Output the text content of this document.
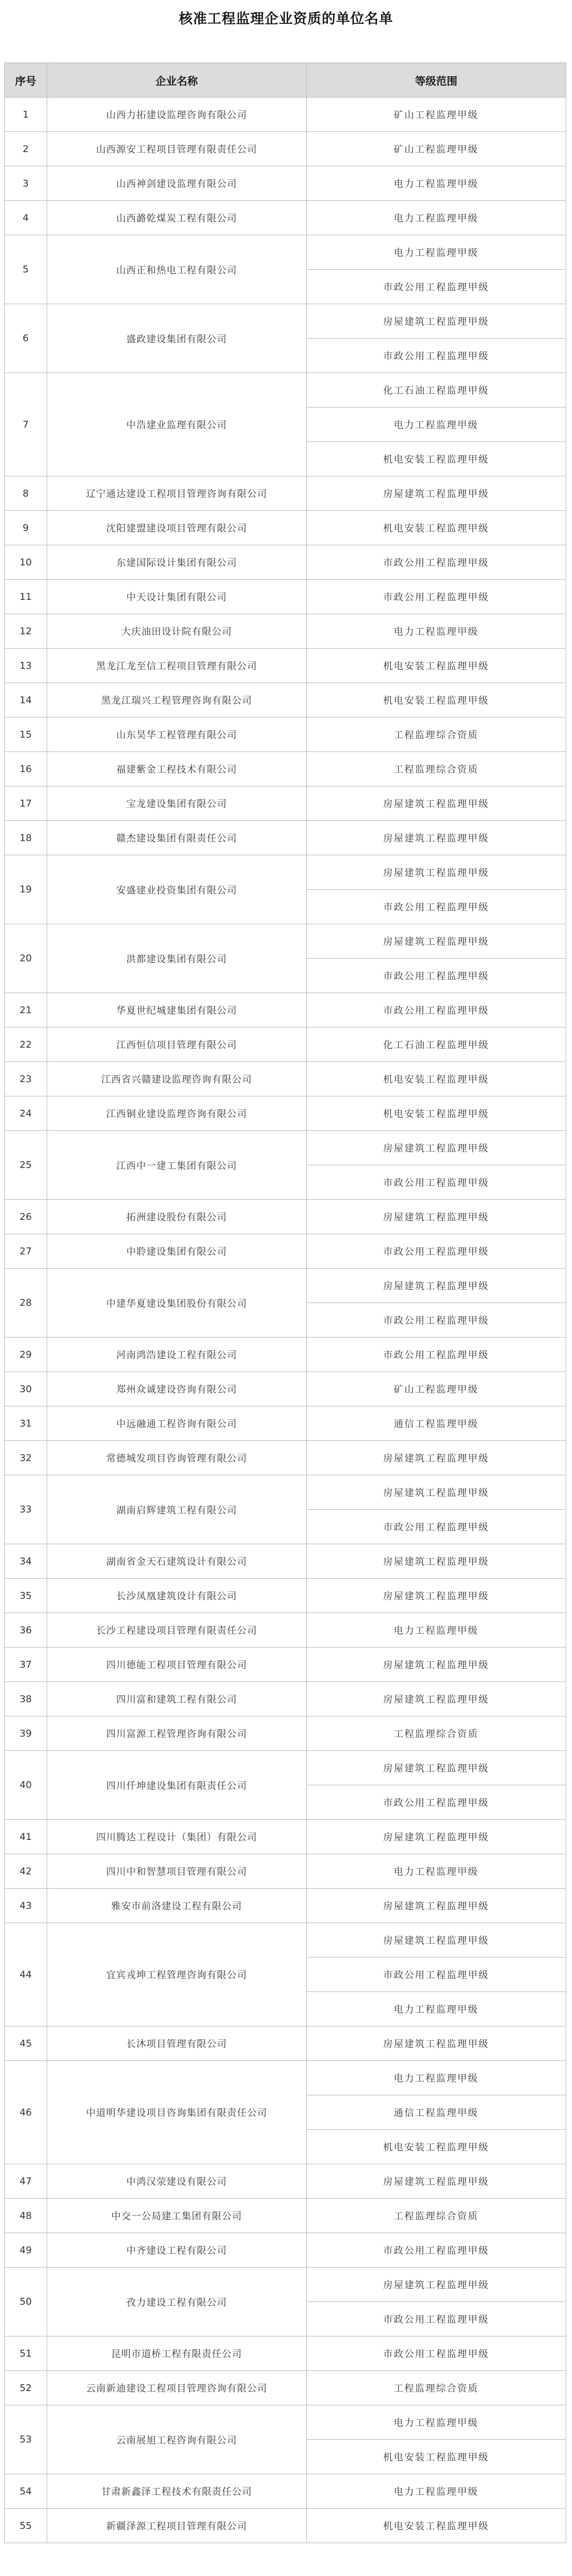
核准工程监理企业资质的单位名单
序号	企业名称	等级范围
1	山西力拓建设监理咨询有限公司	矿山工程监理甲级
2	山西源安工程项目管理有限责任公司	矿山工程监理甲级
3	山西神剑建设监理有限公司	电力工程监理甲级
4	山西潞乾煤炭工程有限公司	电力工程监理甲级
5	山西正和热电工程有限公司	电力工程监理甲级
		市政公用工程监理甲级
6	盛政建设集团有限公司	房屋建筑工程监理甲级
		市政公用工程监理甲级
7	中浩建业监理有限公司	化工石油工程监理甲级
		电力工程监理甲级
		机电安装工程监理甲级
8	辽宁通达建设工程项目管理咨询有限公司	房屋建筑工程监理甲级
9	沈阳建盟建设项目管理有限公司	机电安装工程监理甲级
10	东建国际设计集团有限公司	市政公用工程监理甲级
11	中天设计集团有限公司	市政公用工程监理甲级
12	大庆油田设计院有限公司	电力工程监理甲级
13	黑龙江龙至信工程项目管理有限公司	机电安装工程监理甲级
14	黑龙江瑞兴工程管理咨询有限公司	机电安装工程监理甲级
15	山东昊华工程管理有限公司	工程监理综合资质
16	福建紫金工程技术有限公司	工程监理综合资质
17	宝龙建设集团有限公司	房屋建筑工程监理甲级
18	赣杰建设集团有限责任公司	房屋建筑工程监理甲级
19	安盛建业投资集团有限公司	房屋建筑工程监理甲级
		市政公用工程监理甲级
20	洪都建设集团有限公司	房屋建筑工程监理甲级
		市政公用工程监理甲级
21	华夏世纪城建集团有限公司	市政公用工程监理甲级
22	江西恒信项目管理有限公司	化工石油工程监理甲级
23	江西省兴赣建设监理咨询有限公司	机电安装工程监理甲级
24	江西铜业建设监理咨询有限公司	机电安装工程监理甲级
25	江西中一建工集团有限公司	房屋建筑工程监理甲级
		市政公用工程监理甲级
26	拓洲建设股份有限公司	房屋建筑工程监理甲级
27	中聆建设集团有限公司	市政公用工程监理甲级
28	中建华夏建设集团股份有限公司	房屋建筑工程监理甲级
		市政公用工程监理甲级
29	河南鸿浩建设工程有限公司	市政公用工程监理甲级
30	郑州众诚建设咨询有限公司	矿山工程监理甲级
31	中远融通工程咨询有限公司	通信工程监理甲级
32	常德城发项目咨询管理有限公司	房屋建筑工程监理甲级
33	湖南启辉建筑工程有限公司	房屋建筑工程监理甲级
		市政公用工程监理甲级
34	湖南省金天石建筑设计有限公司	房屋建筑工程监理甲级
35	长沙凤凰建筑设计有限公司	房屋建筑工程监理甲级
36	长沙工程建设项目管理有限责任公司	电力工程监理甲级
37	四川德能工程项目管理有限公司	房屋建筑工程监理甲级
38	四川富和建筑工程有限公司	房屋建筑工程监理甲级
39	四川富源工程管理咨询有限公司	工程监理综合资质
40	四川仟坤建设集团有限责任公司	房屋建筑工程监理甲级
		市政公用工程监理甲级
41	四川腾达工程设计（集团）有限公司	房屋建筑工程监理甲级
42	四川中和智慧项目管理有限公司	电力工程监理甲级
43	雅安市前洛建设工程有限公司	房屋建筑工程监理甲级
44	宜宾戎坤工程管理咨询有限公司	房屋建筑工程监理甲级
		市政公用工程监理甲级
		电力工程监理甲级
45	长沐项目管理有限公司	房屋建筑工程监理甲级
46	中道明华建设项目咨询集团有限责任公司	电力工程监理甲级
		通信工程监理甲级
		机电安装工程监理甲级
47	中鸿汉荥建设有限公司	房屋建筑工程监理甲级
48	中交一公局建工集团有限公司	工程监理综合资质
49	中齐建设工程有限公司	市政公用工程监理甲级
50	孜力建设工程有限公司	房屋建筑工程监理甲级
		市政公用工程监理甲级
51	昆明市道桥工程有限责任公司	市政公用工程监理甲级
52	云南新迪建设工程项目管理咨询有限公司	工程监理综合资质
53	云南展旭工程咨询有限公司	电力工程监理甲级
		机电安装工程监理甲级
54	甘肃新鑫泽工程技术有限责任公司	电力工程监理甲级
55	新疆泽源工程项目管理有限公司	机电安装工程监理甲级
